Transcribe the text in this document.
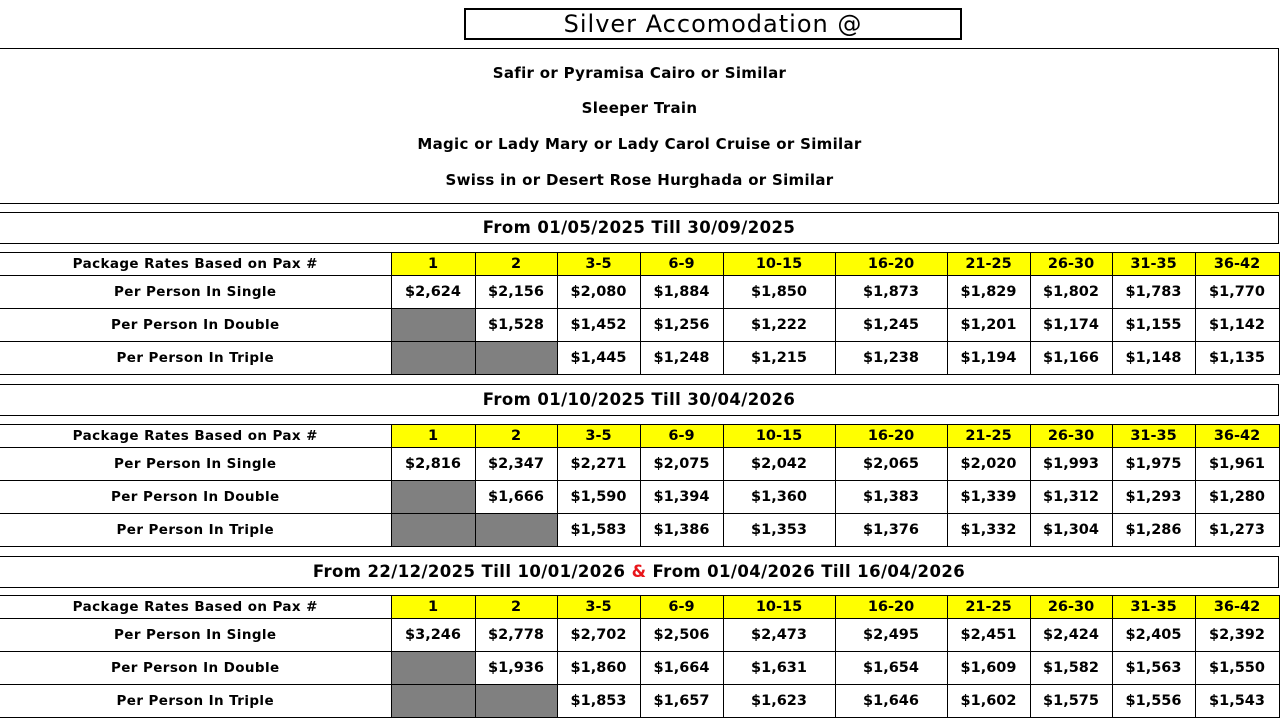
Silver Accomodation @
Safir or Pyramisa Cairo or Similar
Sleeper Train
Magic or Lady Mary or Lady Carol Cruise or Similar
Swiss in or Desert Rose Hurghada or Similar
From 01/05/2025 Till 30/09/2025
Package Rates Based on Pax #	1	2	3-5	6-9	10-15	16-20	21-25	26-30	31-35	36-42
Per Person In Single	$2,624	$2,156	$2,080	$1,884	$1,850	$1,873	$1,829	$1,802	$1,783	$1,770
Per Person In Double		$1,528	$1,452	$1,256	$1,222	$1,245	$1,201	$1,174	$1,155	$1,142
Per Person In Triple			$1,445	$1,248	$1,215	$1,238	$1,194	$1,166	$1,148	$1,135
From 01/10/2025 Till 30/04/2026
Package Rates Based on Pax #	1	2	3-5	6-9	10-15	16-20	21-25	26-30	31-35	36-42
Per Person In Single	$2,816	$2,347	$2,271	$2,075	$2,042	$2,065	$2,020	$1,993	$1,975	$1,961
Per Person In Double		$1,666	$1,590	$1,394	$1,360	$1,383	$1,339	$1,312	$1,293	$1,280
Per Person In Triple			$1,583	$1,386	$1,353	$1,376	$1,332	$1,304	$1,286	$1,273
From 22/12/2025 Till 10/01/2026 & From 01/04/2026 Till 16/04/2026
Package Rates Based on Pax #	1	2	3-5	6-9	10-15	16-20	21-25	26-30	31-35	36-42
Per Person In Single	$3,246	$2,778	$2,702	$2,506	$2,473	$2,495	$2,451	$2,424	$2,405	$2,392
Per Person In Double		$1,936	$1,860	$1,664	$1,631	$1,654	$1,609	$1,582	$1,563	$1,550
Per Person In Triple			$1,853	$1,657	$1,623	$1,646	$1,602	$1,575	$1,556	$1,543
